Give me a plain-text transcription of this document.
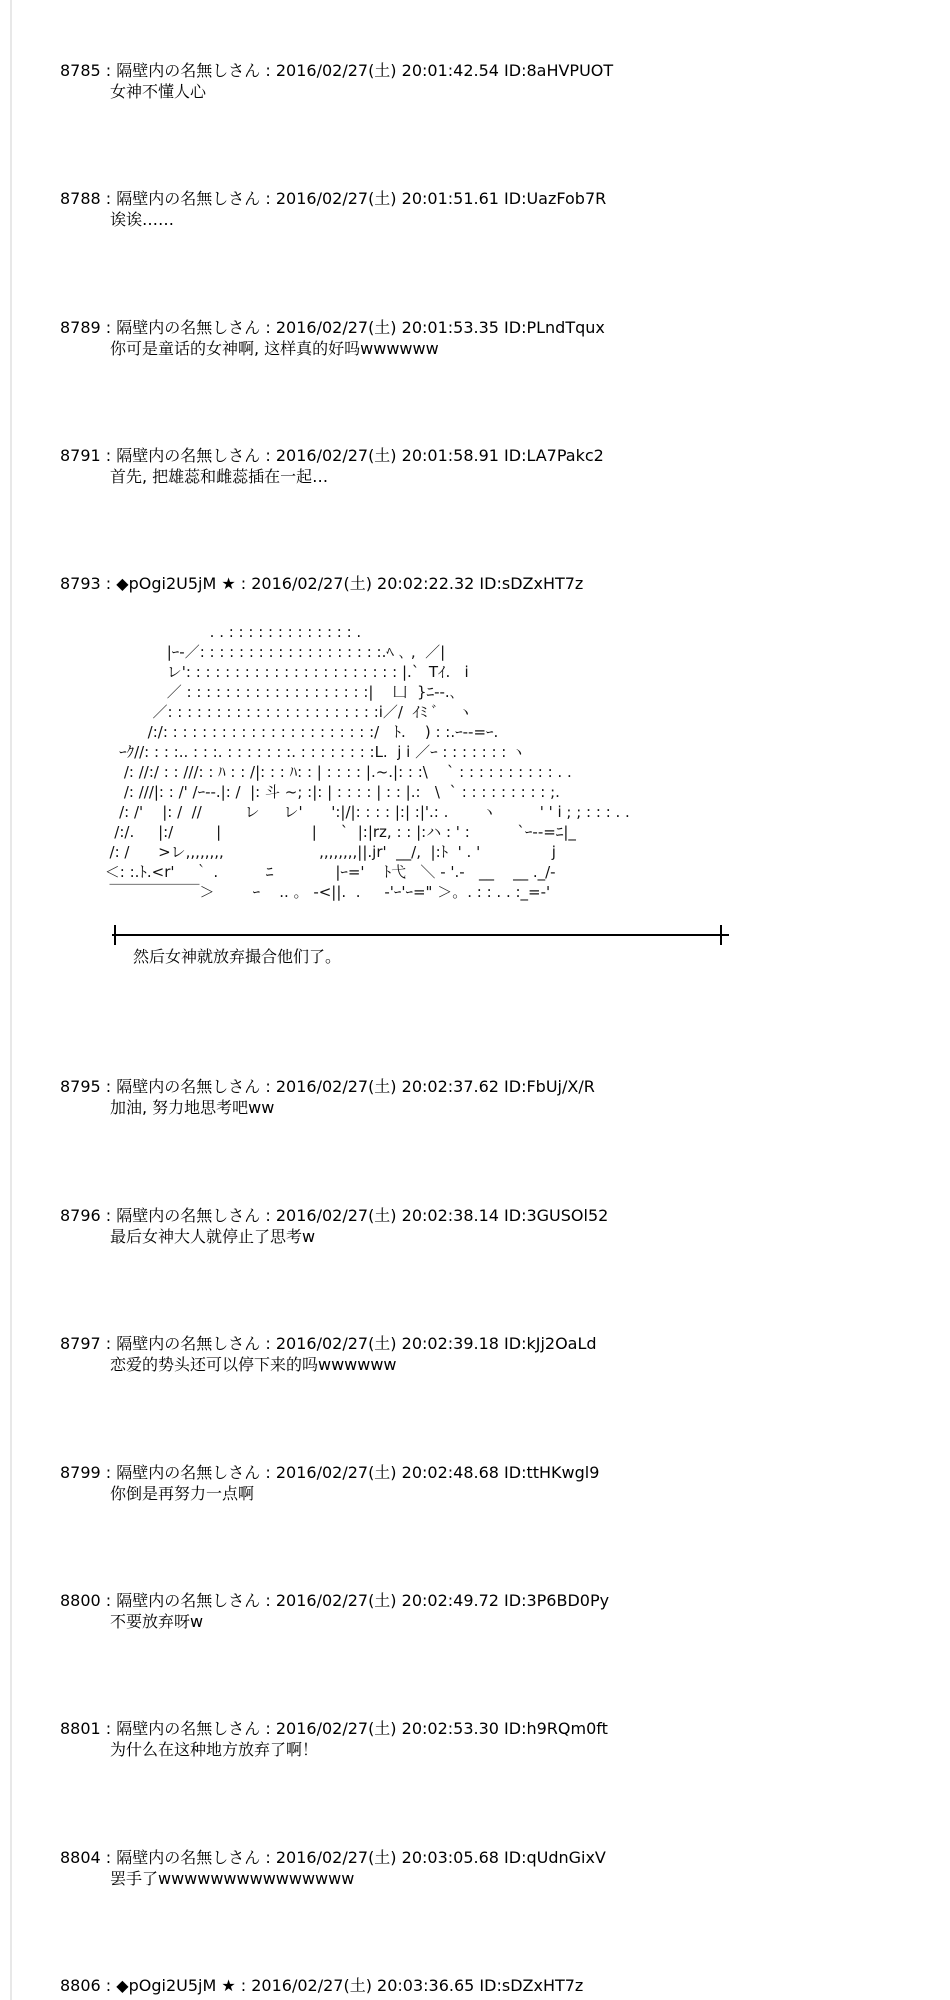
8785 : 隔壁内の名無しさん : 2016/02/27(土) 20:01:42.54 ID:8aHVPUOT
女神不懂人心
8788 : 隔壁内の名無しさん : 2016/02/27(土) 20:01:51.61 ID:UazFob7R
诶诶……
8789 : 隔壁内の名無しさん : 2016/02/27(土) 20:01:53.35 ID:PLndTqux
你可是童话的女神啊, 这样真的好吗wwwwww
8791 : 隔壁内の名無しさん : 2016/02/27(土) 20:01:58.91 ID:LA7Pakc2
首先, 把雄蕊和雌蕊插在一起…
8793 : ◆pOgi2U5jM ★ : 2016/02/27(土) 20:02:22.32 ID:sDZxHT7z
. . : : : : : : : : : : : : : .
|ｰ-／: : : : : : : : : : : : : : : : : : :.ﾍ ､ ,  ／|
レ': : : : : : : : : : : : : : : : : : : : : : |.`  Tｲ.   i
／ : : : : : : : : : : : : : : : : : : :|    凵  }ﾆ--.､
／: : : : : : : : : : : : : : : : : : : : : :i／/  ｲﾐ ﾞ    ヽ
/:/: : : : : : : : : : : : : : : : : : : : : :/   ﾄ.    ) : :.ｰ--=ｰ.
ｰｸ//: : : :.. : : :. : : : : : : :. : : : : : : : :L.  j i ／ｰ : : : : : : : ヽ
/: //:/ : : ///: : ﾊ : : /|: : : ﾊ: : | : : : : |.~.|: : :\    ` : : : : : : : : : : . .
/: ///|: : /' /ｰ--.|: /  |: 斗 ~; :|: | : : : : | : : |.:   \  ` : : : : : : : : : ;.
/: /'    |: /  //         レ     レ'      ':|/|: : : : |:| :|'.: .       ヽ         ' ' i ; ; : : : . .
/:/.     |:/         |                   |     `  |:|rz, : : |:ハ : ' :          `ｰ--=ﾆ|_
/: /      >レ,,,,,,,,                    ,,,,,,,,||.jr'  __/,  |:ﾄ  ' . '               j
＜: :.ﾄ.<r'    ｀ .          ﾆ             |ｰ='    ﾄ弋   ＼ - '.-   __    __ ._/-
￣￣￣￣￣￣＞        ｰ    .. 。 -<||.  .     -'ｰ'ｰ=" ＞。. : : . . :_=-'
然后女神就放弃撮合他们了。
8795 : 隔壁内の名無しさん : 2016/02/27(土) 20:02:37.62 ID:FbUj/X/R
加油, 努力地思考吧ww
8796 : 隔壁内の名無しさん : 2016/02/27(土) 20:02:38.14 ID:3GUSOl52
最后女神大人就停止了思考w
8797 : 隔壁内の名無しさん : 2016/02/27(土) 20:02:39.18 ID:kJj2OaLd
恋爱的势头还可以停下来的吗wwwwww
8799 : 隔壁内の名無しさん : 2016/02/27(土) 20:02:48.68 ID:ttHKwgl9
你倒是再努力一点啊
8800 : 隔壁内の名無しさん : 2016/02/27(土) 20:02:49.72 ID:3P6BD0Py
不要放弃呀w
8801 : 隔壁内の名無しさん : 2016/02/27(土) 20:02:53.30 ID:h9RQm0ft
为什么在这种地方放弃了啊！
8804 : 隔壁内の名無しさん : 2016/02/27(土) 20:03:05.68 ID:qUdnGixV
罢手了wwwwwwwwwwwwwww
8806 : ◆pOgi2U5jM ★ : 2016/02/27(土) 20:03:36.65 ID:sDZxHT7z
